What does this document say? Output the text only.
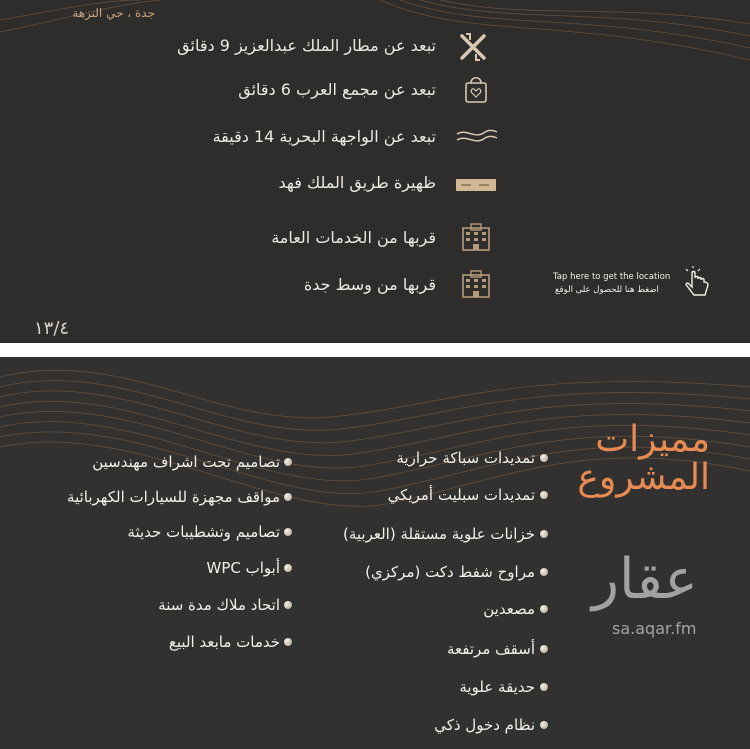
جدة ، حي النزهة
تبعد عن مطار الملك عبدالعزيز 9 دقائق
تبعد عن مجمع العرب 6 دقائق
تبعد عن الواجهة البحرية 14 دقيقة
ظهيرة طريق الملك فهد
قربها من الخدمات العامة
قربها من وسط جدة	Tap here to get the location
اضغط هنا للحصول على الوقع
١٣/٤
مميزات
المشروع
تمديدات سباكة حرارية
تمديدات سبليت أمريكي
خزانات علوية مستقلة (العربية)
مراوح شفط دكت (مركزي)
مصعدين
أسقف مرتفعة
حديقة علوية
نظام دخول ذكي
تصاميم تحت اشراف مهندسين
مواقف مجهزة للسيارات الكهربائية
تصاميم وتشطيبات حديثة
أبواب WPC
اتحاد ملاك مدة سنة
خدمات مابعد البيع
عقار
sa.aqar.fm
